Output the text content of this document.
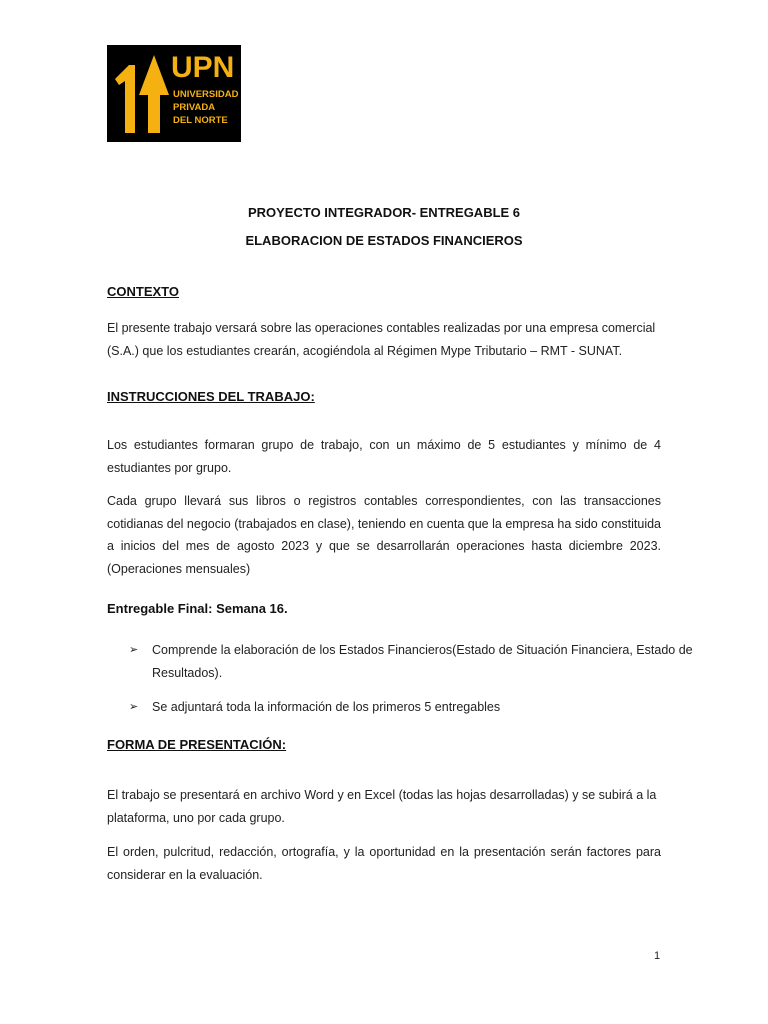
UPN
UNIVERSIDAD
PRIVADA
DEL NORTE
PROYECTO INTEGRADOR- ENTREGABLE 6
ELABORACION DE ESTADOS FINANCIEROS
CONTEXTO
El presente trabajo versará sobre las operaciones contables realizadas por una empresa comercial (S.A.) que los estudiantes crearán, acogiéndola al Régimen Mype Tributario – RMT - SUNAT.
INSTRUCCIONES DEL TRABAJO:
Los estudiantes formaran grupo de trabajo, con un máximo de 5 estudiantes y mínimo de 4 estudiantes por grupo.
Cada grupo llevará sus libros o registros contables correspondientes, con las transacciones cotidianas del negocio (trabajados en clase), teniendo en cuenta que la empresa ha sido constituida a inicios del mes de agosto 2023 y que se desarrollarán operaciones hasta diciembre 2023. (Operaciones mensuales)
Entregable Final: Semana 16.
➢ Comprende la elaboración de los Estados Financieros(Estado de Situación Financiera, Estado de Resultados).
➢ Se adjuntará toda la información de los primeros 5 entregables
FORMA DE PRESENTACIÓN:
El trabajo se presentará en archivo Word y en Excel (todas las hojas desarrolladas) y se subirá a la plataforma, uno por cada grupo.
El orden, pulcritud, redacción, ortografía, y la oportunidad en la presentación serán factores para considerar en la evaluación.
1
